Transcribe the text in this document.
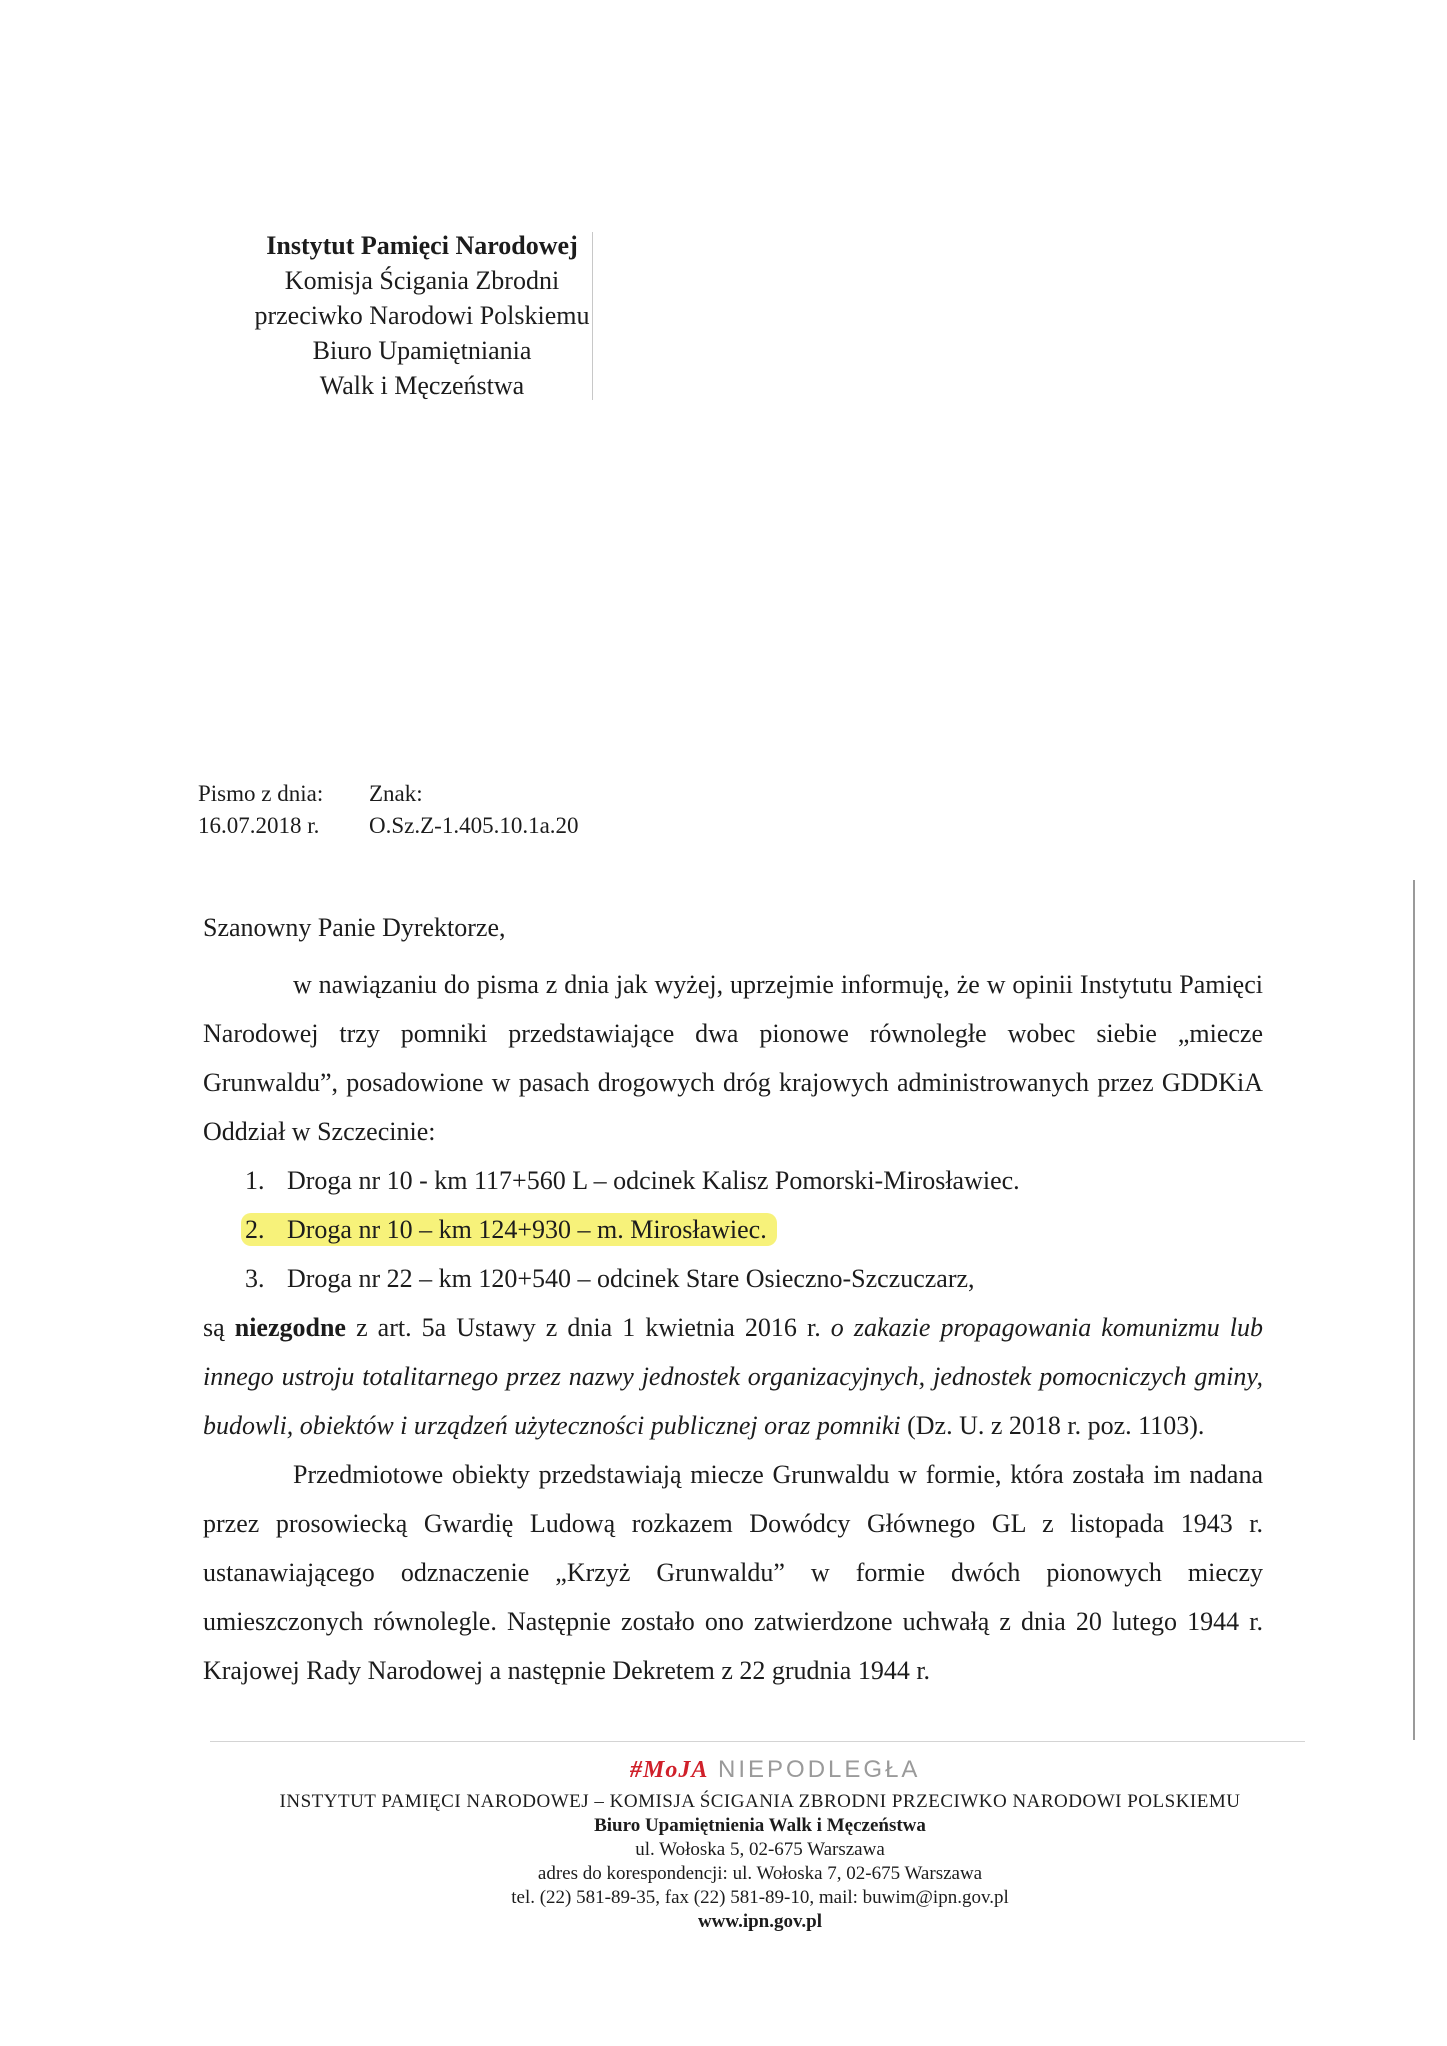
Instytut Pamięci Narodowej
Komisja Ścigania Zbrodni
przeciwko Narodowi Polskiemu
Biuro Upamiętniania
Walk i Męczeństwa
Pismo z dnia:
16.07.2018 r.
Znak:
O.Sz.Z-1.405.10.1a.20

Szanowny Panie Dyrektorze,

w nawiązaniu do pisma z dnia jak wyżej, uprzejmie informuję, że w opinii Instytutu Pamięci Narodowej trzy pomniki przedstawiające dwa pionowe równoległe wobec siebie „miecze Grunwaldu”, posadowione w pasach drogowych dróg krajowych administrowanych przez GDDKiA Oddział w Szczecinie:

1. Droga nr 10 - km 117+560 L – odcinek Kalisz Pomorski-Mirosławiec.
2. Droga nr 10 – km 124+930 – m. Mirosławiec.
3. Droga nr 22 – km 120+540 – odcinek Stare Osieczno-Szczuczarz,

są niezgodne z art. 5a Ustawy z dnia 1 kwietnia 2016 r. o zakazie propagowania komunizmu lub innego ustroju totalitarnego przez nazwy jednostek organizacyjnych, jednostek pomocniczych gminy, budowli, obiektów i urządzeń użyteczności publicznej oraz pomniki (Dz. U. z 2018 r. poz. 1103).

Przedmiotowe obiekty przedstawiają miecze Grunwaldu w formie, która została im nadana przez prosowiecką Gwardię Ludową rozkazem Dowódcy Głównego GL z listopada 1943 r. ustanawiającego odznaczenie „Krzyż Grunwaldu” w formie dwóch pionowych mieczy umieszczonych równolegle. Następnie zostało ono zatwierdzone uchwałą z dnia 20 lutego 1944 r. Krajowej Rady Narodowej a następnie Dekretem z 22 grudnia 1944 r.

#MoJA NIEPODLEGŁA
INSTYTUT PAMIĘCI NARODOWEJ – KOMISJA ŚCIGANIA ZBRODNI PRZECIWKO NARODOWI POLSKIEMU
Biuro Upamiętnienia Walk i Męczeństwa
ul. Wołoska 5, 02-675 Warszawa
adres do korespondencji: ul. Wołoska 7, 02-675 Warszawa
tel. (22) 581-89-35, fax (22) 581-89-10, mail: buwim@ipn.gov.pl
www.ipn.gov.pl
